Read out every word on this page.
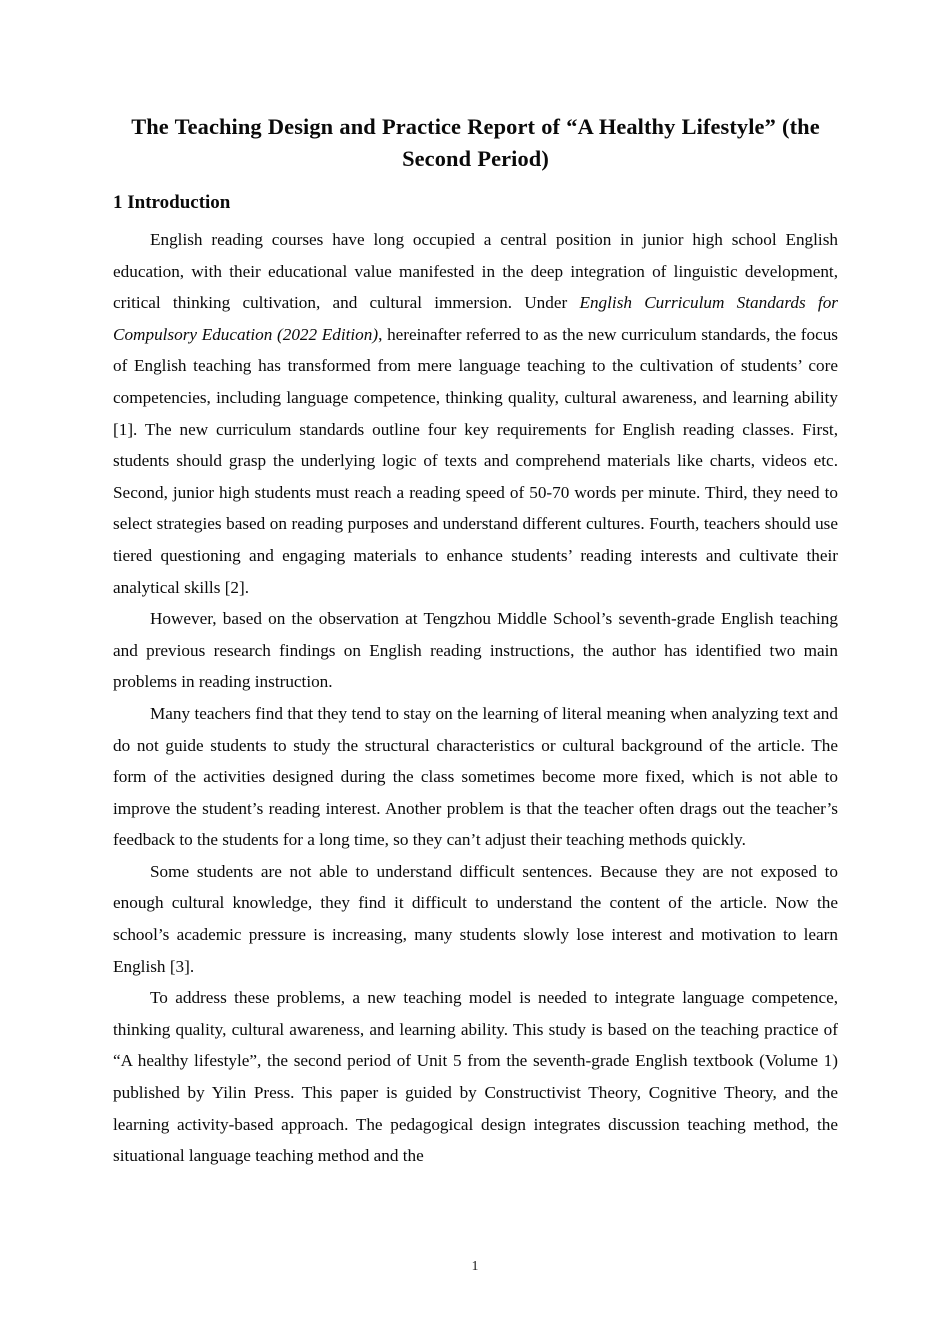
The Teaching Design and Practice Report of “A Healthy Lifestyle” (the Second Period)
1 Introduction

English reading courses have long occupied a central position in junior high school English education, with their educational value manifested in the deep integration of linguistic development, critical thinking cultivation, and cultural immersion. Under English Curriculum Standards for Compulsory Education (2022 Edition), hereinafter referred to as the new curriculum standards, the focus of English teaching has transformed from mere language teaching to the cultivation of students’ core competencies, including language competence, thinking quality, cultural awareness, and learning ability [1]. The new curriculum standards outline four key requirements for English reading classes. First, students should grasp the underlying logic of texts and comprehend materials like charts, videos etc. Second, junior high students must reach a reading speed of 50-70 words per minute. Third, they need to select strategies based on reading purposes and understand different cultures. Fourth, teachers should use tiered questioning and engaging materials to enhance students’ reading interests and cultivate their analytical skills [2].

However, based on the observation at Tengzhou Middle School’s seventh-grade English teaching and previous research findings on English reading instructions, the author has identified two main problems in reading instruction.

Many teachers find that they tend to stay on the learning of literal meaning when analyzing text and do not guide students to study the structural characteristics or cultural background of the article. The form of the activities designed during the class sometimes become more fixed, which is not able to improve the student’s reading interest. Another problem is that the teacher often drags out the teacher’s feedback to the students for a long time, so they can’t adjust their teaching methods quickly.

Some students are not able to understand difficult sentences. Because they are not exposed to enough cultural knowledge, they find it difficult to understand the content of the article. Now the school’s academic pressure is increasing, many students slowly lose interest and motivation to learn English [3].

To address these problems, a new teaching model is needed to integrate language competence, thinking quality, cultural awareness, and learning ability. This study is based on the teaching practice of “A healthy lifestyle”, the second period of Unit 5 from the seventh-grade English textbook (Volume 1) published by Yilin Press. This paper is guided by Constructivist Theory, Cognitive Theory, and the learning activity-based approach. The pedagogical design integrates discussion teaching method, the situational language teaching method and the

1
